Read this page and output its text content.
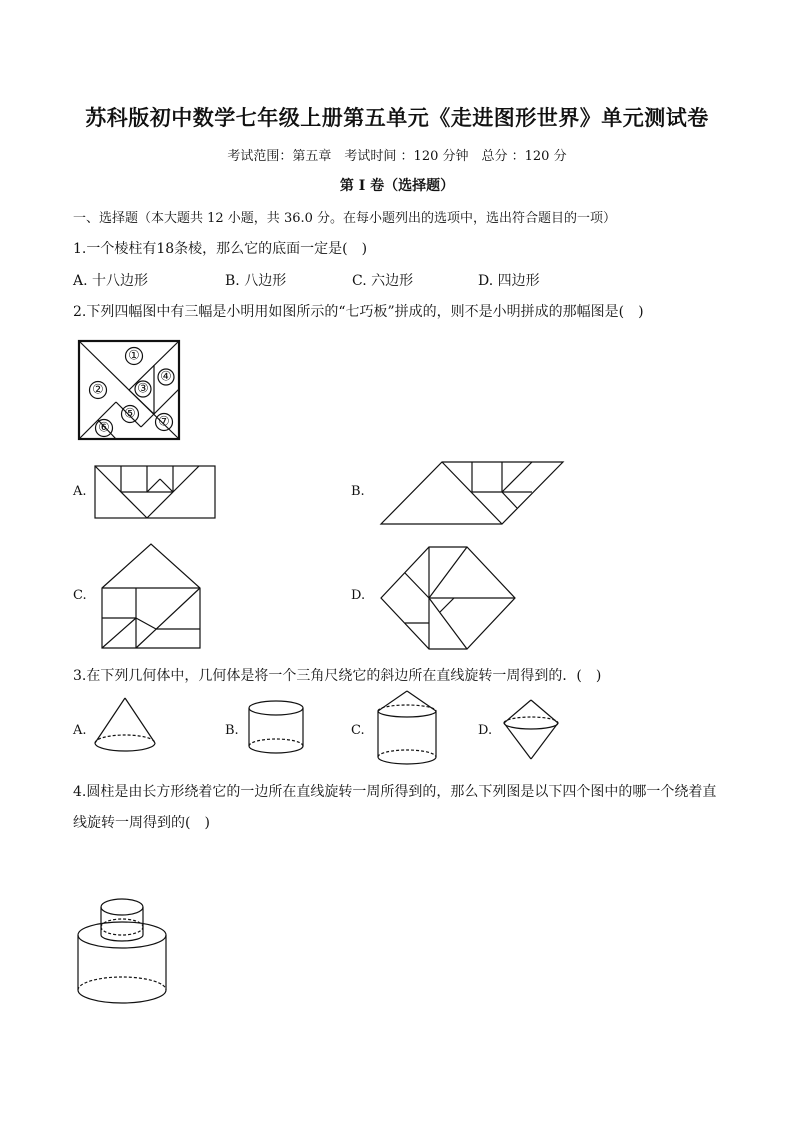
苏科版初中数学七年级上册第五单元《走进图形世界》单元测试卷
考试范围：第五章　考试时间 ：120 分钟　总分 ：120 分
第 I 卷（选择题）
一、选择题（本大题共 12 小题，共 36.0 分。在每小题列出的选项中，选出符合题目的一项）
1.一个棱柱有18条棱，那么它的底面一定是(　)
A. 十八边形	B. 八边形	C. 六边形	D. 四边形
2.下列四幅图中有三幅是小明用如图所示的“七巧板”拼成的，则不是小明拼成的那幅图是(　)
①
②	③
④
⑤
⑥	⑦
A.	B.
C.	D.
3.在下列几何体中，几何体是将一个三角尺绕它的斜边所在直线旋转一周得到的．(　)
A.	B.	C.	D.
4.圆柱是由长方形绕着它的一边所在直线旋转一周所得到的，那么下列图是以下四个图中的哪一个绕着直
线旋转一周得到的(　)
